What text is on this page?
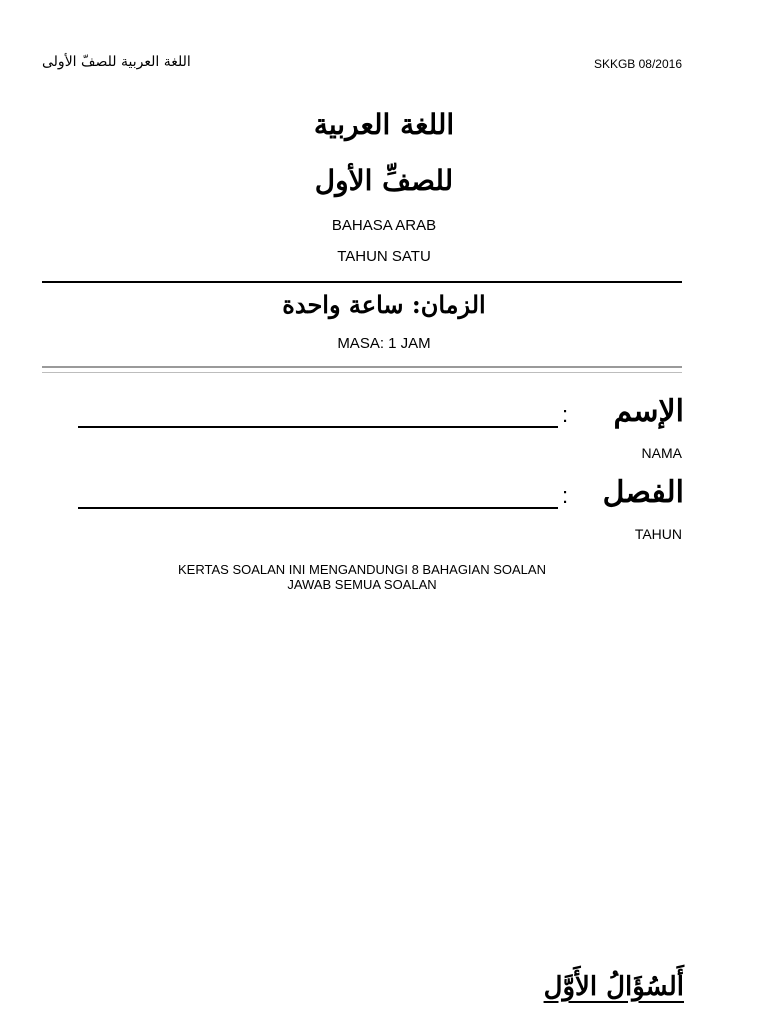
اللغة العربية للصفّ الأولى	SKKGB 08/2016
اللغة العربية
للصفِّ الأول
BAHASA ARAB
TAHUN SATU
الزمان: ساعة واحدة
MASA: 1 JAM
الإسم
:
NAMA
الفصل
:
TAHUN
KERTAS SOALAN INI MENGANDUNGI 8 BAHAGIAN SOALAN
JAWAB SEMUA SOALAN
أَلسُؤَالُ الأَوَّل
